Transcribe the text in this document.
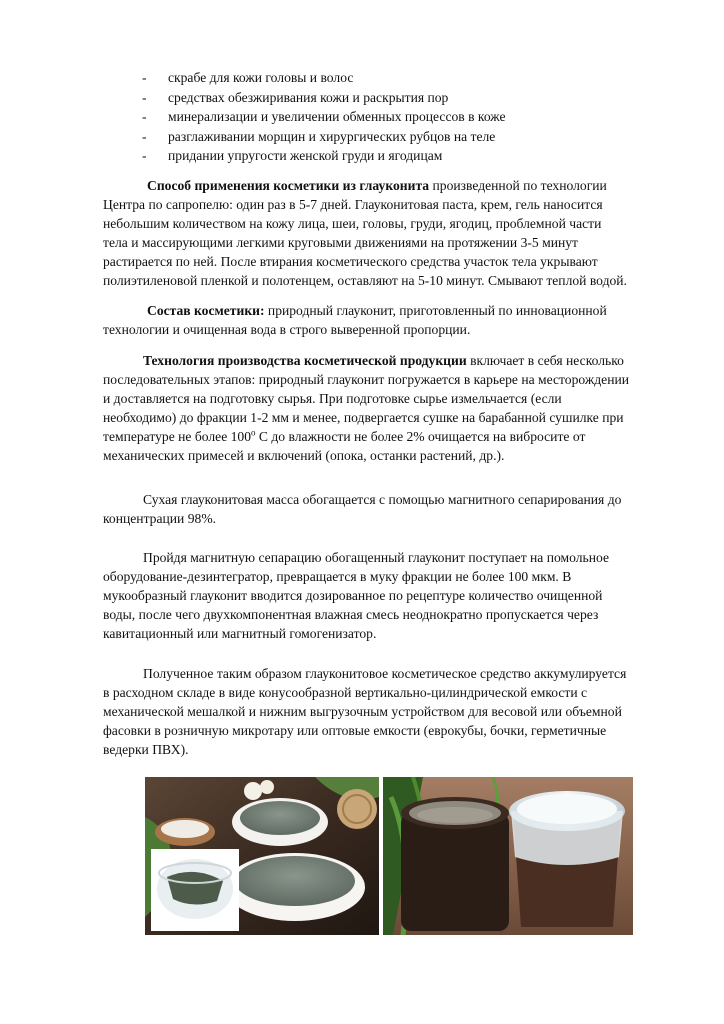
-	скрабе для кожи головы и волос
-	средствах обезжиривания кожи и раскрытия пор
-	минерализации и увеличении обменных процессов в коже
-	разглаживании морщин и хирургических рубцов на теле
-	придании упругости женской груди и ягодицам

Способ применения косметики из глауконита произведенной по технологии

Центра по сапропелю: один раз в 5-7 дней. Глауконитовая паста, крем, гель наносится

небольшим количеством на кожу лица, шеи, головы, груди, ягодиц, проблемной части

тела и массирующими легкими круговыми движениями на протяжении 3-5 минут

растирается по ней. После втирания косметического средства участок тела укрывают

полиэтиленовой пленкой и полотенцем, оставляют на 5-10 минут. Смывают теплой водой.

Состав косметики: природный глауконит, приготовленный по инновационной

технологии и очищенная вода в строго выверенной пропорции.

Технология производства косметической продукции включает в себя несколько

последовательных этапов: природный глауконит погружается в карьере на месторождении

и доставляется на подготовку сырья. При подготовке сырье измельчается (если

необходимо) до фракции 1-2 мм и менее, подвергается сушке на барабанной сушилке при

температуре не более $100^о$ С до влажности не более 2% очищается на вибросите от

механических примесей и включений (опока, останки растений, др.).

Сухая глауконитовая масса обогащается с помощью магнитного сепарирования до

концентрации 98%.

Пройдя магнитную сепарацию обогащенный глауконит поступает на помольное

оборудование-дезинтегратор, превращается в муку фракции не более 100 мкм. В

мукообразный глауконит вводится дозированное по рецептуре количество очищенной

воды, после чего двухкомпонентная влажная смесь неоднократно пропускается через

кавитационный или магнитный гомогенизатор.

Полученное таким образом глауконитовое косметическое средство аккумулируется

в расходном складе в виде конусообразной вертикально-цилиндрической емкости с

механической мешалкой и нижним выгрузочным устройством для весовой или объемной

фасовки в розничную микротару или оптовые емкости (еврокубы, бочки, герметичные

ведерки ПВХ).
